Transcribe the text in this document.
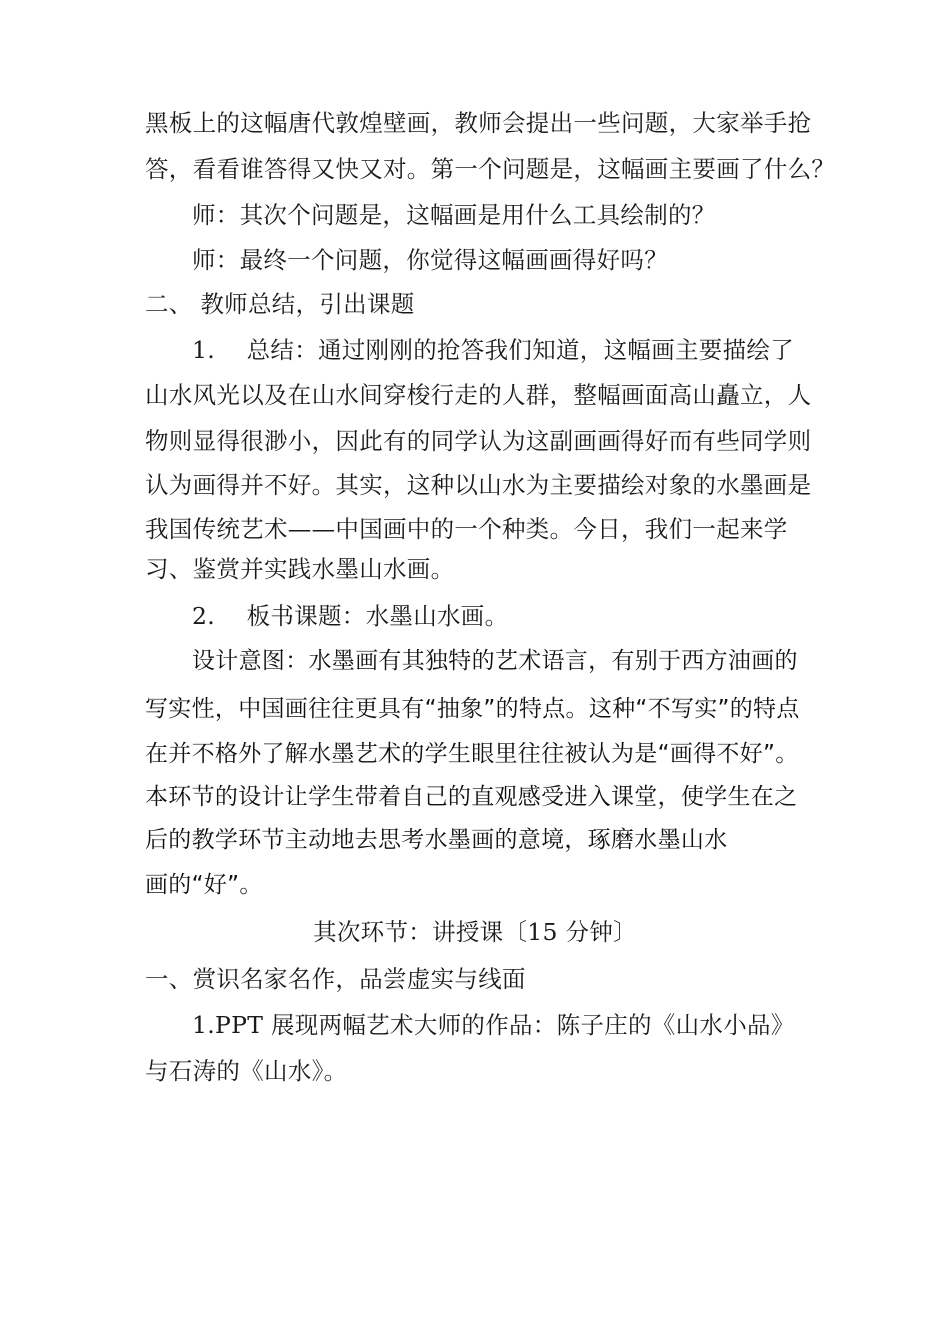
黑板上的这幅唐代敦煌壁画，教师会提出一些问题，大家举手抢
答，看看谁答得又快又对。第一个问题是，这幅画主要画了什么？
师：其次个问题是，这幅画是用什么工具绘制的？
师：最终一个问题，你觉得这幅画画得好吗？
二、 教师总结，引出课题
1.　 总结：通过刚刚的抢答我们知道，这幅画主要描绘了
山水风光以及在山水间穿梭行走的人群，整幅画面高山矗立，人
物则显得很渺小，因此有的同学认为这副画画得好而有些同学则
认为画得并不好。其实，这种以山水为主要描绘对象的水墨画是
我国传统艺术——中国画中的一个种类。今日，我们一起来学
习、鉴赏并实践水墨山水画。
2.　 板书课题：水墨山水画。
设计意图：水墨画有其独特的艺术语言，有别于西方油画的
写实性，中国画往往更具有“抽象”的特点。这种“不写实”的特点
在并不格外了解水墨艺术的学生眼里往往被认为是“画得不好”。
本环节的设计让学生带着自己的直观感受进入课堂，使学生在之
后的教学环节主动地去思考水墨画的意境，琢磨水墨山水
画的“好”。
其次环节：讲授课〔15 分钟〕
一、赏识名家名作，品尝虚实与线面
1.PPT 展现两幅艺术大师的作品：陈子庄的《山水小品》
与石涛的《山水》。
